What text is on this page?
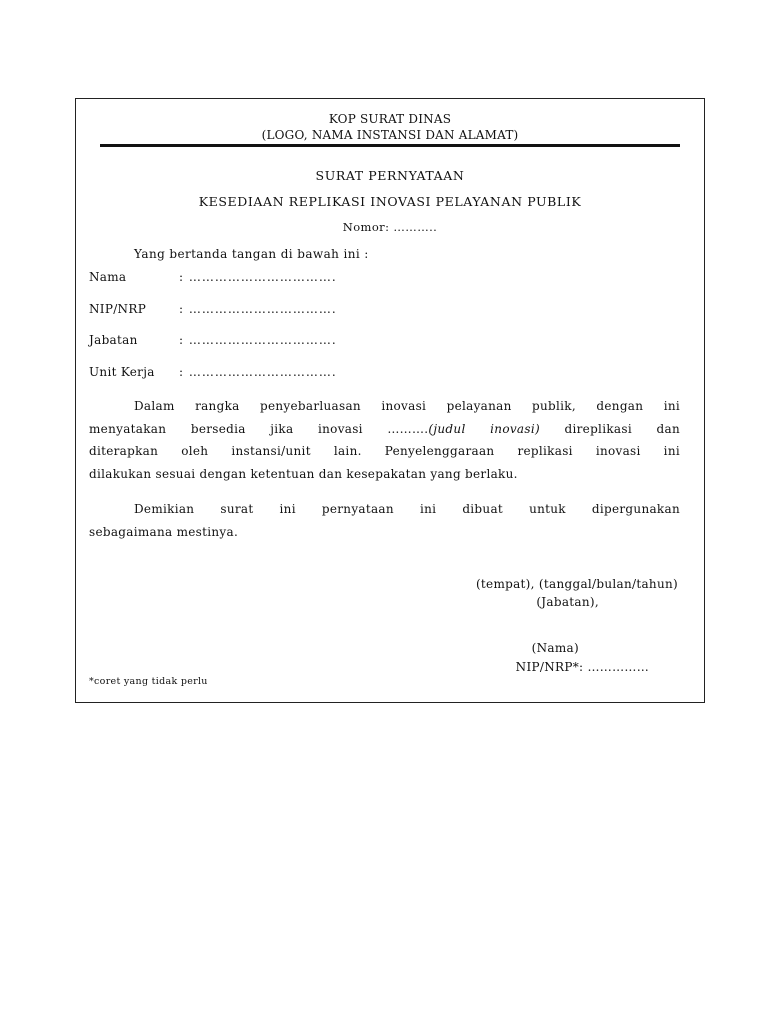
KOP SURAT DINAS
(LOGO, NAMA INSTANSI DAN ALAMAT)
SURAT PERNYATAAN
KESEDIAAN REPLIKASI INOVASI PELAYANAN PUBLIK
Nomor: ………..
Yang bertanda tangan di bawah ini :
Nama	: …………………………….
NIP/NRP	: …………………………….
Jabatan	: …………………………….
Unit Kerja : …………………………….
Dalam rangka penyebarluasan inovasi pelayanan publik, dengan ini
menyatakan bersedia jika inovasi ……….(judul inovasi) direplikasi dan
diterapkan oleh instansi/unit lain. Penyelenggaraan replikasi inovasi ini
dilakukan sesuai dengan ketentuan dan kesepakatan yang berlaku.
Demikian surat ini pernyataan ini dibuat untuk dipergunakan
sebagaimana mestinya.
(tempat), (tanggal/bulan/tahun)
(Jabatan),
(Nama)
NIP/NRP*: ……………
*coret yang tidak perlu
